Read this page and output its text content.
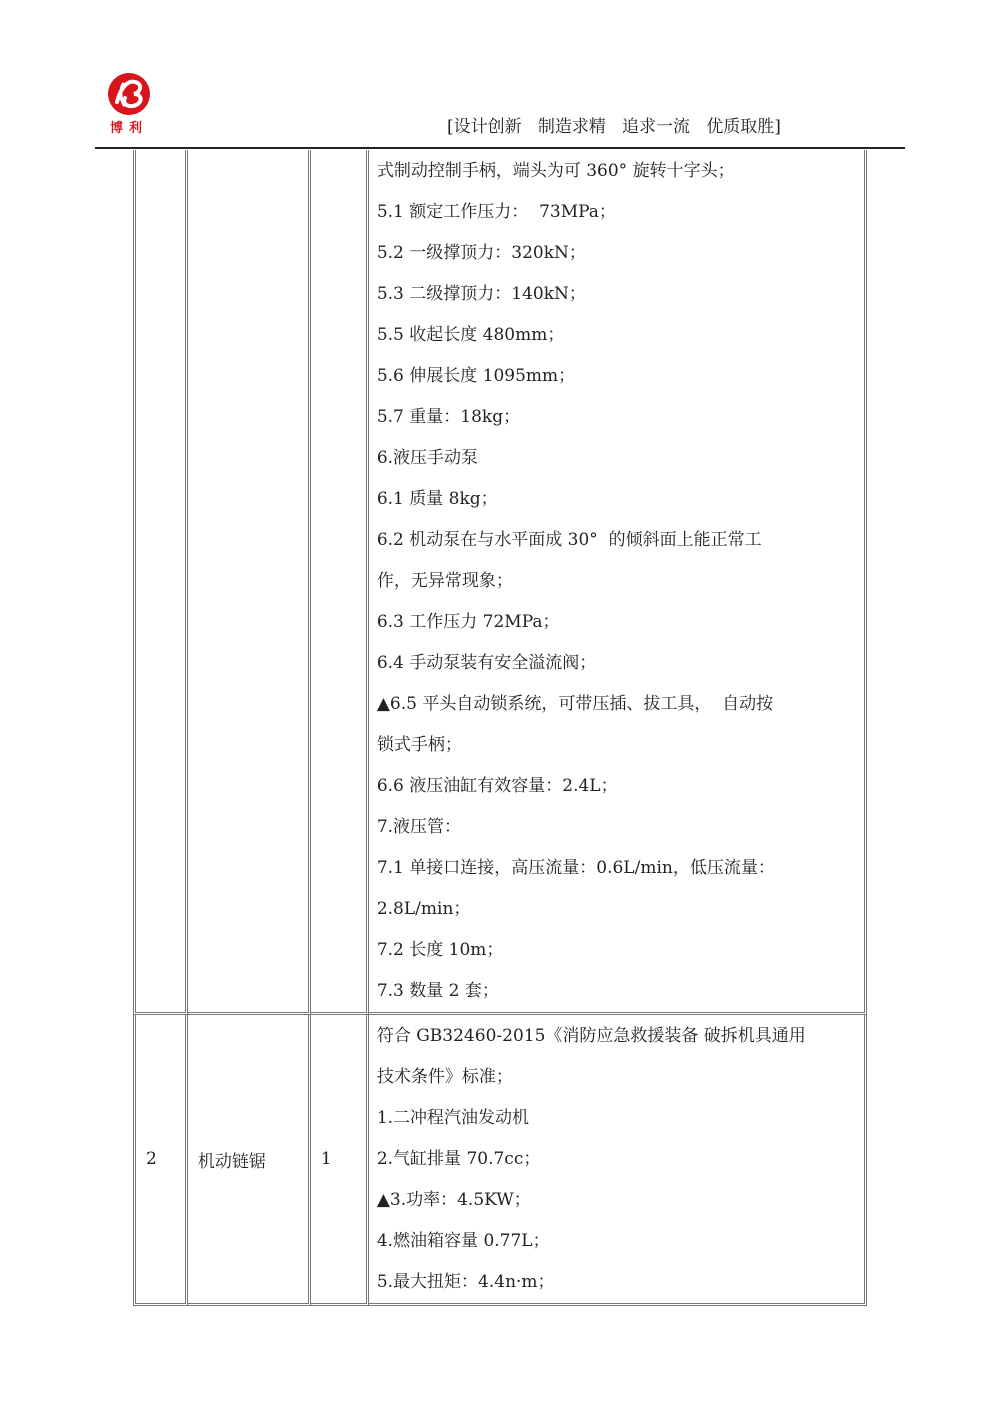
博利	[设计创新   制造求精   追求一流   优质取胜]

式制动控制手柄，端头为可 360° 旋转十字头；
5.1 额定工作压力：  73MPa；
5.2 一级撑顶力：320kN；
5.3 二级撑顶力：140kN；
5.5 收起长度 480mm；
5.6 伸展长度 1095mm；
5.7 重量：18kg；
6.液压手动泵
6.1 质量 8kg；
6.2 机动泵在与水平面成 30°  的倾斜面上能正常工
作，无异常现象；
6.3 工作压力 72MPa；
6.4 手动泵装有安全溢流阀；
▲6.5 平头自动锁系统，可带压插、拔工具，  自动按
锁式手柄；
6.6 液压油缸有效容量：2.4L；
7.液压管：
7.1 单接口连接，高压流量：0.6L/min，低压流量：
2.8L/min；
7.2 长度 10m；
7.3 数量 2 套；

2	机动链锯	1

符合 GB32460-2015《消防应急救援装备 破拆机具通用
技术条件》标准；
1.二冲程汽油发动机
2.气缸排量 70.7cc；
▲3.功率：4.5KW；
4.燃油箱容量 0.77L；
5.最大扭矩：4.4n·m；
